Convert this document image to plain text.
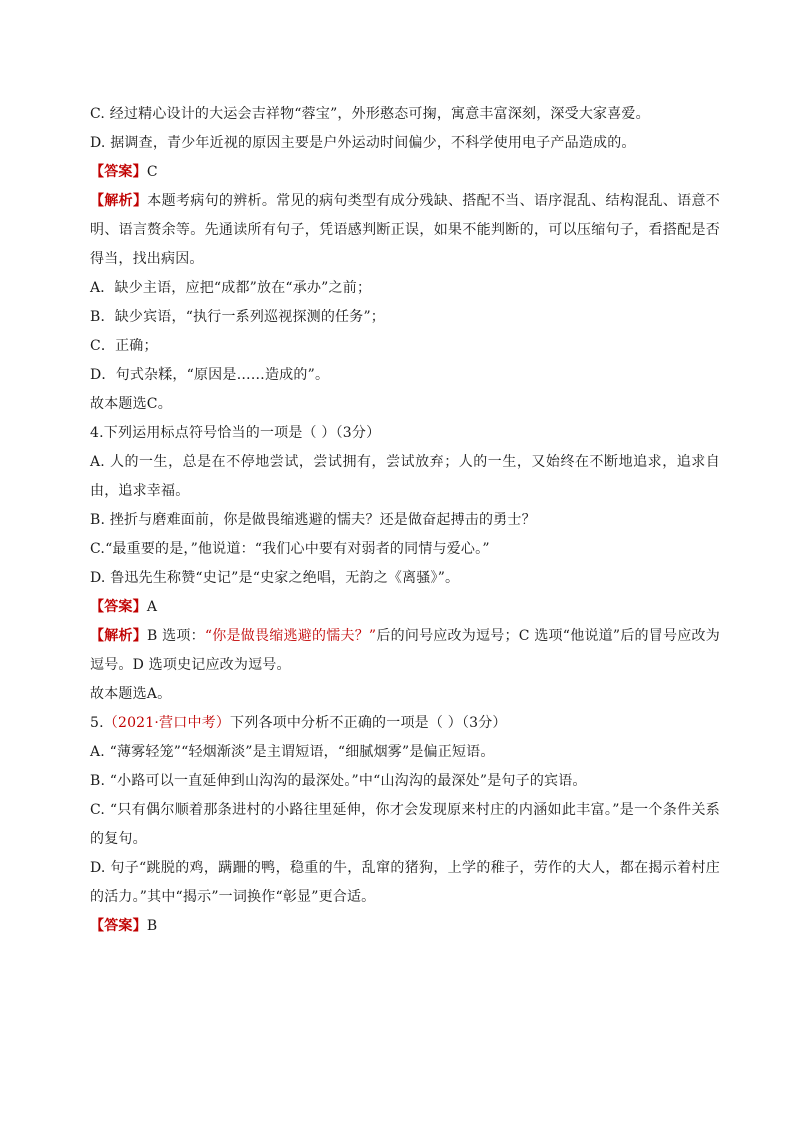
C. 经过精心设计的大运会吉祥物“蓉宝”，外形憨态可掬，寓意丰富深刻，深受大家喜爱。
D. 据调查，青少年近视的原因主要是户外运动时间偏少，不科学使用电子产品造成的。
【答案】C
【解析】本题考病句的辨析。常见的病句类型有成分残缺、搭配不当、语序混乱、结构混乱、语意不明、语言赘余等。先通读所有句子，凭语感判断正误，如果不能判断的，可以压缩句子，看搭配是否得当，找出病因。
A．缺少主语，应把“成都”放在“承办”之前；
B．缺少宾语，“执行一系列巡视探测的任务”；
C．正确；
D．句式杂糅，“原因是……造成的”。
故本题选C。
4.下列运用标点符号恰当的一项是（ ）（3分）
A. 人的一生，总是在不停地尝试，尝试拥有，尝试放弃；人的一生，又始终在不断地追求，追求自由，追求幸福。
B. 挫折与磨难面前，你是做畏缩逃避的懦夫？还是做奋起搏击的勇士？
C.“最重要的是，”他说道：“我们心中要有对弱者的同情与爱心。”
D. 鲁迅先生称赞“史记”是“史家之绝唱，无韵之《离骚》”。
【答案】A
【解析】B 选项：“你是做畏缩逃避的懦夫？”后的问号应改为逗号；C 选项“他说道”后的冒号应改为逗号。D 选项史记应改为逗号。
故本题选A。
5.（2021·营口中考）下列各项中分析不正确的一项是（ ）（3分）
A. “薄雾轻笼”“轻烟渐淡”是主谓短语，“细腻烟雾”是偏正短语。
B. “小路可以一直延伸到山沟沟的最深处。”中“山沟沟的最深处”是句子的宾语。
C. “只有偶尔顺着那条进村的小路往里延伸，你才会发现原来村庄的内涵如此丰富。”是一个条件关系的复句。
D. 句子“跳脱的鸡，蹒跚的鸭，稳重的牛，乱窜的猪狗，上学的稚子，劳作的大人，都在揭示着村庄的活力。”其中“揭示”一词换作“彰显”更合适。
【答案】B
